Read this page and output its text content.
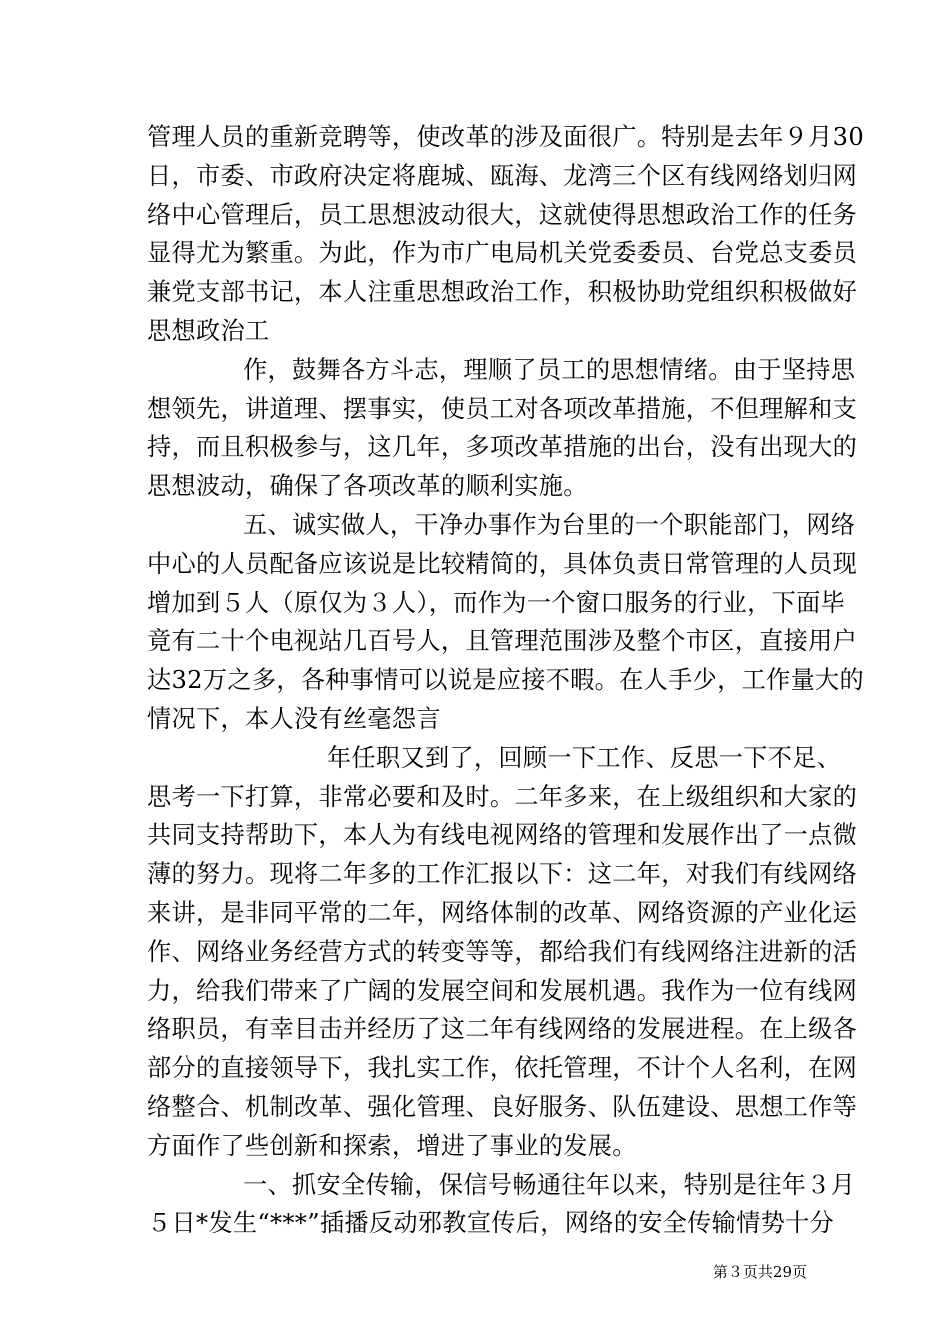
管理人员的重新竞聘等，使改革的涉及面很广。特别是去年９月30
日，市委、市政府决定将鹿城、瓯海、龙湾三个区有线网络划归网
络中心管理后，员工思想波动很大，这就使得思想政治工作的任务
显得尤为繁重。为此，作为市广电局机关党委委员、台党总支委员
兼党支部书记，本人注重思想政治工作，积极协助党组织积极做好
思想政治工
作，鼓舞各方斗志，理顺了员工的思想情绪。由于坚持思
想领先，讲道理、摆事实，使员工对各项改革措施，不但理解和支
持，而且积极参与，这几年，多项改革措施的出台，没有出现大的
思想波动，确保了各项改革的顺利实施。
五、诚实做人，干净办事作为台里的一个职能部门，网络
中心的人员配备应该说是比较精简的，具体负责日常管理的人员现
增加到５人（原仅为３人），而作为一个窗口服务的行业，下面毕
竟有二十个电视站几百号人，且管理范围涉及整个市区，直接用户
达32万之多，各种事情可以说是应接不暇。在人手少，工作量大的
情况下，本人没有丝毫怨言
年任职又到了，回顾一下工作、反思一下不足、
思考一下打算，非常必要和及时。二年多来，在上级组织和大家的
共同支持帮助下，本人为有线电视网络的管理和发展作出了一点微
薄的努力。现将二年多的工作汇报以下：这二年，对我们有线网络
来讲，是非同平常的二年，网络体制的改革、网络资源的产业化运
作、网络业务经营方式的转变等等，都给我们有线网络注进新的活
力，给我们带来了广阔的发展空间和发展机遇。我作为一位有线网
络职员，有幸目击并经历了这二年有线网络的发展进程。在上级各
部分的直接领导下，我扎实工作，依托管理，不计个人名利，在网
络整合、机制改革、强化管理、良好服务、队伍建设、思想工作等
方面作了些创新和探索，增进了事业的发展。
一、抓安全传输，保信号畅通往年以来，特别是往年３月
５日*发生“***”插播反动邪教宣传后，网络的安全传输情势十分
第３页共29页
